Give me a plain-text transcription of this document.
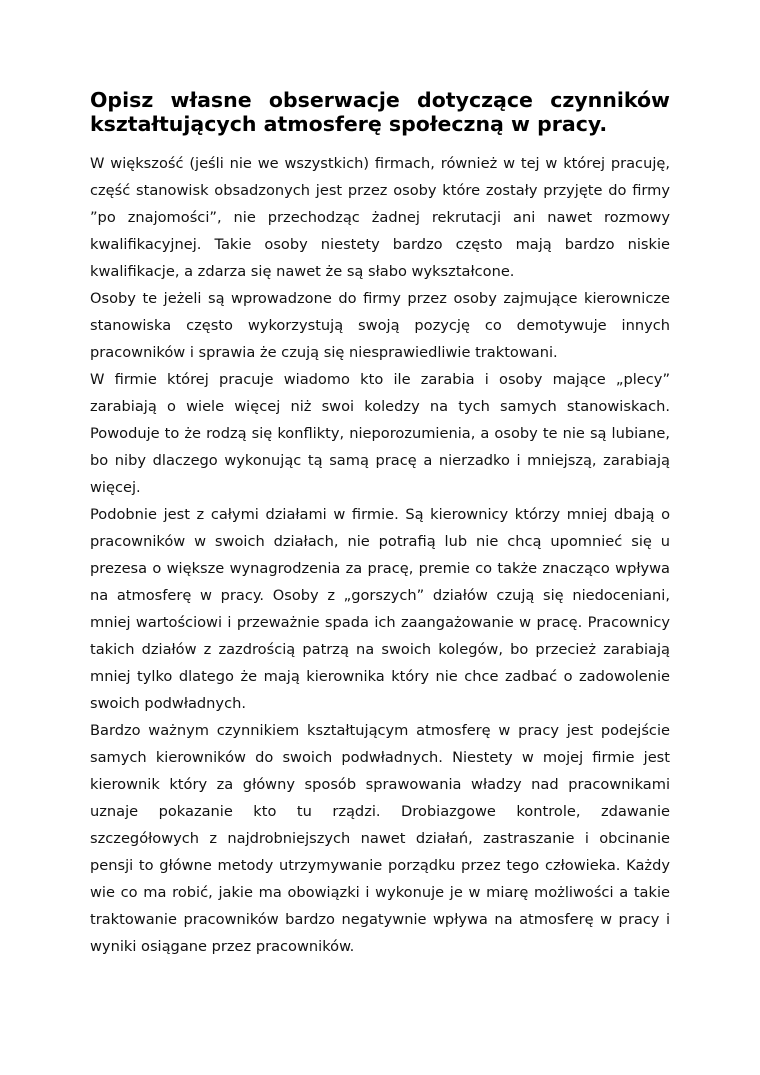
Opisz własne obserwacje dotyczące czynników kształtujących atmosferę społeczną w pracy.

W większość (jeśli nie we wszystkich) firmach, również w tej w której pracuję, część stanowisk obsadzonych jest przez osoby które zostały przyjęte do firmy ”po znajomości”, nie przechodząc żadnej rekrutacji ani nawet rozmowy kwalifikacyjnej. Takie osoby niestety bardzo często mają bardzo niskie kwalifikacje, a zdarza się nawet że są słabo wykształcone.

Osoby te jeżeli są wprowadzone do firmy przez osoby zajmujące kierownicze stanowiska często wykorzystują swoją pozycję co demotywuje innych pracowników i sprawia że czują się niesprawiedliwie traktowani.

W firmie której pracuje wiadomo kto ile zarabia i osoby mające „plecy” zarabiają o wiele więcej niż swoi koledzy na tych samych stanowiskach. Powoduje to że rodzą się konflikty, nieporozumienia, a osoby te nie są lubiane, bo niby dlaczego wykonując tą samą pracę a nierzadko i mniejszą, zarabiają więcej.

Podobnie jest z całymi działami w firmie. Są kierownicy którzy mniej dbają o pracowników w swoich działach, nie potrafią lub nie chcą upomnieć się u prezesa o większe wynagrodzenia za pracę, premie co także znacząco wpływa na atmosferę w pracy. Osoby z „gorszych” działów czują się niedoceniani, mniej wartościowi i przeważnie spada ich zaangażowanie w pracę. Pracownicy takich działów z zazdrością patrzą na swoich kolegów, bo przecież zarabiają mniej tylko dlatego że mają kierownika który nie chce zadbać o zadowolenie swoich podwładnych.

Bardzo ważnym czynnikiem kształtującym atmosferę w pracy jest podejście samych kierowników do swoich podwładnych. Niestety w mojej firmie jest kierownik który za główny sposób sprawowania władzy nad pracownikami uznaje pokazanie kto tu rządzi. Drobiazgowe kontrole, zdawanie szczegółowych z najdrobniejszych nawet działań, zastraszanie i obcinanie pensji to główne metody utrzymywanie porządku przez tego człowieka. Każdy wie co ma robić, jakie ma obowiązki i wykonuje je w miarę możliwości a takie traktowanie pracowników bardzo negatywnie wpływa na atmosferę w pracy i wyniki osiągane przez pracowników.
